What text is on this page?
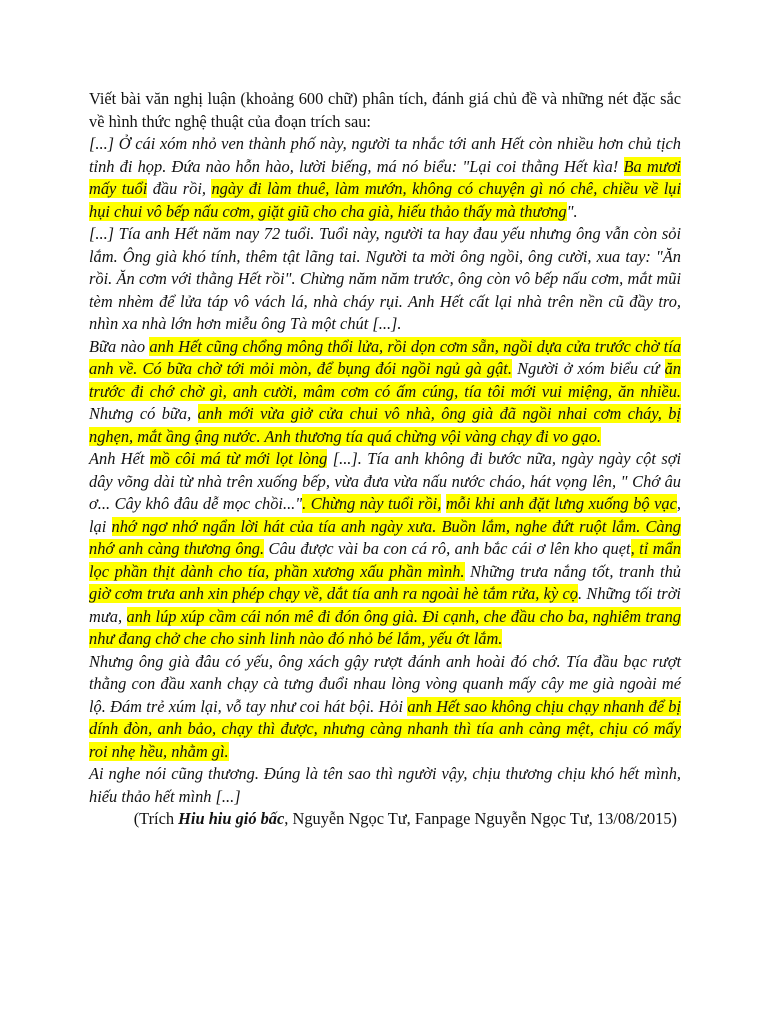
Viết bài văn nghị luận (khoảng 600 chữ) phân tích, đánh giá chủ đề và những nét đặc sắc về hình thức nghệ thuật của đoạn trích sau:

[...] Ở cái xóm nhỏ ven thành phố này, người ta nhắc tới anh Hết còn nhiều hơn chủ tịch tỉnh đi họp. Đứa nào hỗn hào, lười biếng, má nó biểu: "Lại coi thằng Hết kìa! Ba mươi mấy tuổi đầu rồi, ngày đi làm thuê, làm mướn, không có chuyện gì nó chê, chiều về lụi hụi chui vô bếp nấu cơm, giặt giũ cho cha già, hiếu thảo thấy mà thương".

[...] Tía anh Hết năm nay 72 tuổi. Tuổi này, người ta hay đau yếu nhưng ông vẫn còn sỏi lắm. Ông già khó tính, thêm tật lãng tai. Người ta mời ông ngồi, ông cười, xua tay: "Ăn rồi. Ăn cơm với thằng Hết rồi". Chừng năm năm trước, ông còn vô bếp nấu cơm, mắt mũi tèm nhèm để lửa táp vô vách lá, nhà cháy rụi. Anh Hết cất lại nhà trên nền cũ đầy tro, nhìn xa nhà lớn hơn miễu ông Tà một chút [...].

Bữa nào anh Hết cũng chổng mông thổi lửa, rồi dọn cơm sẵn, ngồi dựa cửa trước chờ tía anh về. Có bữa chờ tới mỏi mòn, để bụng đói ngồi ngủ gà gật. Người ở xóm biểu cứ ăn trước đi chớ chờ gì, anh cười, mâm cơm có ấm cúng, tía tôi mới vui miệng, ăn nhiều. Nhưng có bữa, anh mới vừa giở cửa chui vô nhà, ông già đã ngồi nhai cơm cháy, bị nghẹn, mắt ầng ậng nước. Anh thương tía quá chừng vội vàng chạy đi vo gạo.

Anh Hết mồ côi má từ mới lọt lòng [...]. Tía anh không đi bước nữa, ngày ngày cột sợi dây võng dài từ nhà trên xuống bếp, vừa đưa vừa nấu nước cháo, hát vọng lên, " Chớ âu ơ... Cây khô đâu dễ mọc chồi...". Chừng này tuổi rồi, mỗi khi anh đặt lưng xuống bộ vạc, lại nhớ ngơ nhớ ngẩn lời hát của tía anh ngày xưa. Buồn lắm, nghe đứt ruột lắm. Càng nhớ anh càng thương ông. Câu được vài ba con cá rô, anh bắc cái ơ lên kho quẹt, tỉ mẩn lọc phần thịt dành cho tía, phần xương xấu phần mình. Những trưa nắng tốt, tranh thủ giờ cơm trưa anh xin phép chạy về, dắt tía anh ra ngoài hè tắm rửa, kỳ cọ. Những tối trời mưa, anh lúp xúp cầm cái nón mê đi đón ông già. Đi cạnh, che đầu cho ba, nghiêm trang như đang chở che cho sinh linh nào đó nhỏ bé lắm, yếu ớt lắm.

Nhưng ông già đâu có yếu, ông xách gậy rượt đánh anh hoài đó chớ. Tía đầu bạc rượt thằng con đầu xanh chạy cà tưng đuổi nhau lòng vòng quanh mấy cây me già ngoài mé lộ. Đám trẻ xúm lại, vỗ tay như coi hát bội. Hỏi anh Hết sao không chịu chạy nhanh để bị dính đòn, anh bảo, chạy thì được, nhưng càng nhanh thì tía anh càng mệt, chịu có mấy roi nhẹ hều, nhằm gì.

Ai nghe nói cũng thương. Đúng là tên sao thì người vậy, chịu thương chịu khó hết mình, hiếu thảo hết mình [...]

(Trích Hiu hiu gió bấc, Nguyễn Ngọc Tư, Fanpage Nguyễn Ngọc Tư, 13/08/2015)
